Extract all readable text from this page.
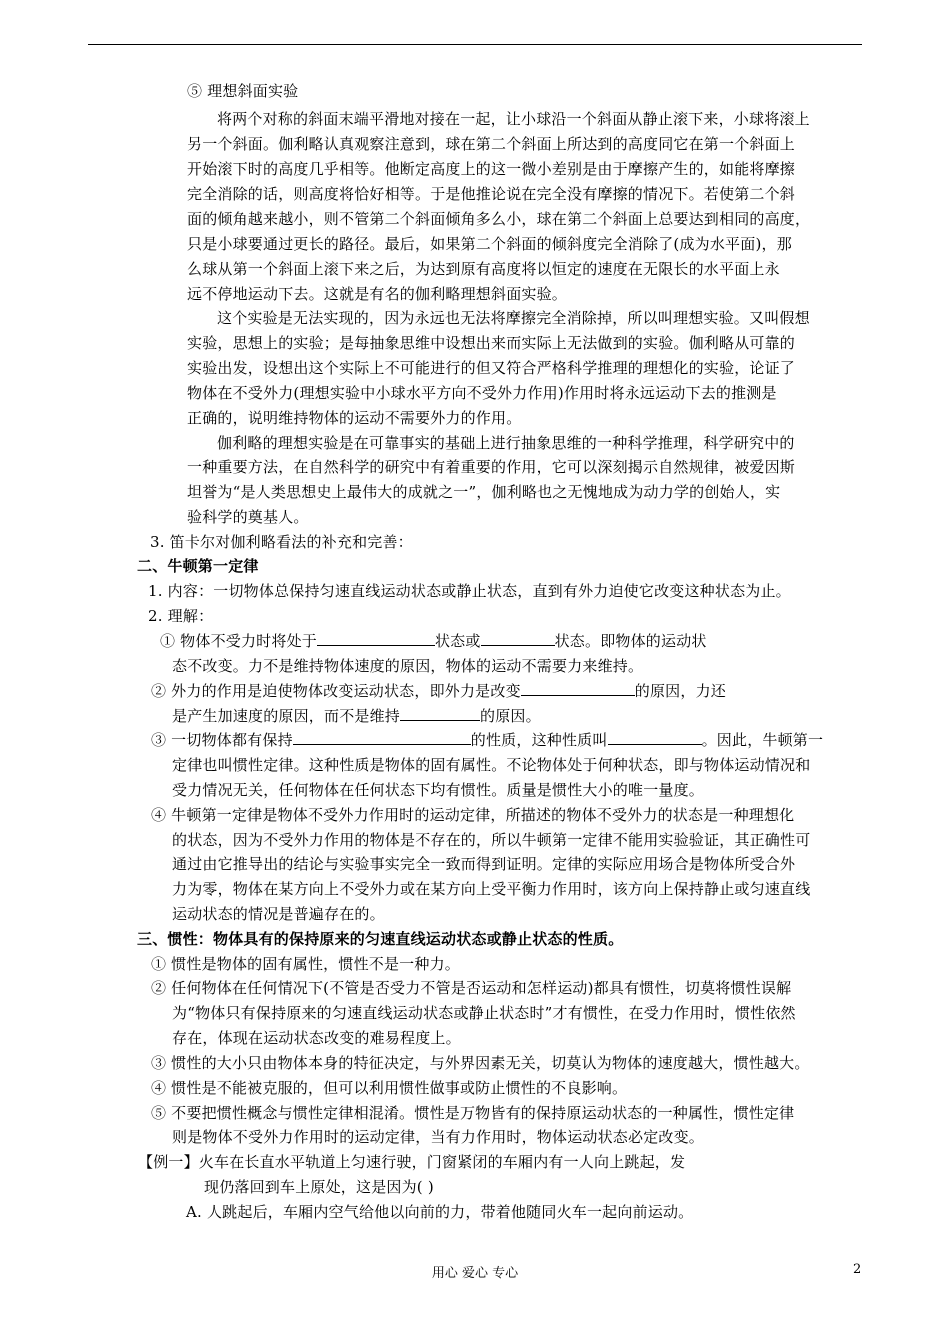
⑤ 理想斜面实验
将两个对称的斜面末端平滑地对接在一起，让小球沿一个斜面从静止滚下来，小球将滚上
另一个斜面。伽利略认真观察注意到，球在第二个斜面上所达到的高度同它在第一个斜面上
开始滚下时的高度几乎相等。他断定高度上的这一微小差别是由于摩擦产生的，如能将摩擦
完全消除的话，则高度将恰好相等。于是他推论说在完全没有摩擦的情况下。若使第二个斜
面的倾角越来越小，则不管第二个斜面倾角多么小，球在第二个斜面上总要达到相同的高度，
只是小球要通过更长的路径。最后，如果第二个斜面的倾斜度完全消除了(成为水平面)，那
么球从第一个斜面上滚下来之后，为达到原有高度将以恒定的速度在无限长的水平面上永
远不停地运动下去。这就是有名的伽利略理想斜面实验。
这个实验是无法实现的，因为永远也无法将摩擦完全消除掉，所以叫理想实验。又叫假想
实验，思想上的实验；是每抽象思维中设想出来而实际上无法做到的实验。伽利略从可靠的
实验出发，设想出这个实际上不可能进行的但又符合严格科学推理的理想化的实验，论证了
物体在不受外力(理想实验中小球水平方向不受外力作用)作用时将永远运动下去的推测是
正确的，说明维持物体的运动不需要外力的作用。
伽利略的理想实验是在可靠事实的基础上进行抽象思维的一种科学推理，科学研究中的
一种重要方法，在自然科学的研究中有着重要的作用，它可以深刻揭示自然规律，被爱因斯
坦誉为“是人类思想史上最伟大的成就之一”，伽利略也之无愧地成为动力学的创始人，实
验科学的奠基人。
3. 笛卡尔对伽利略看法的补充和完善：
二、牛顿第一定律
1. 内容：一切物体总保持匀速直线运动状态或静止状态，直到有外力迫使它改变这种状态为止。
2. 理解：
① 物体不受力时将处于	状态或	状态。即物体的运动状
态不改变。力不是维持物体速度的原因，物体的运动不需要力来维持。
② 外力的作用是迫使物体改变运动状态，即外力是改变	的原因，力还
是产生加速度的原因，而不是维持	的原因。
③ 一切物体都有保持	的性质，这种性质叫	。因此，牛顿第一
定律也叫惯性定律。这种性质是物体的固有属性。不论物体处于何种状态，即与物体运动情况和
受力情况无关，任何物体在任何状态下均有惯性。质量是惯性大小的唯一量度。
④ 牛顿第一定律是物体不受外力作用时的运动定律，所描述的物体不受外力的状态是一种理想化
的状态，因为不受外力作用的物体是不存在的，所以牛顿第一定律不能用实验验证，其正确性可
通过由它推导出的结论与实验事实完全一致而得到证明。定律的实际应用场合是物体所受合外
力为零，物体在某方向上不受外力或在某方向上受平衡力作用时，该方向上保持静止或匀速直线
运动状态的情况是普遍存在的。
三、惯性：物体具有的保持原来的匀速直线运动状态或静止状态的性质。
① 惯性是物体的固有属性，惯性不是一种力。
② 任何物体在任何情况下(不管是否受力不管是否运动和怎样运动)都具有惯性，切莫将惯性误解
为“物体只有保持原来的匀速直线运动状态或静止状态时”才有惯性，在受力作用时，惯性依然
存在，体现在运动状态改变的难易程度上。
③ 惯性的大小只由物体本身的特征决定，与外界因素无关，切莫认为物体的速度越大，惯性越大。
④ 惯性是不能被克服的，但可以利用惯性做事或防止惯性的不良影响。
⑤ 不要把惯性概念与惯性定律相混淆。惯性是万物皆有的保持原运动状态的一种属性，惯性定律
则是物体不受外力作用时的运动定律，当有力作用时，物体运动状态必定改变。
【例一】火车在长直水平轨道上匀速行驶，门窗紧闭的车厢内有一人向上跳起，发
现仍落回到车上原处，这是因为( )
A. 人跳起后，车厢内空气给他以向前的力，带着他随同火车一起向前运动。
用心 爱心 专心	2
